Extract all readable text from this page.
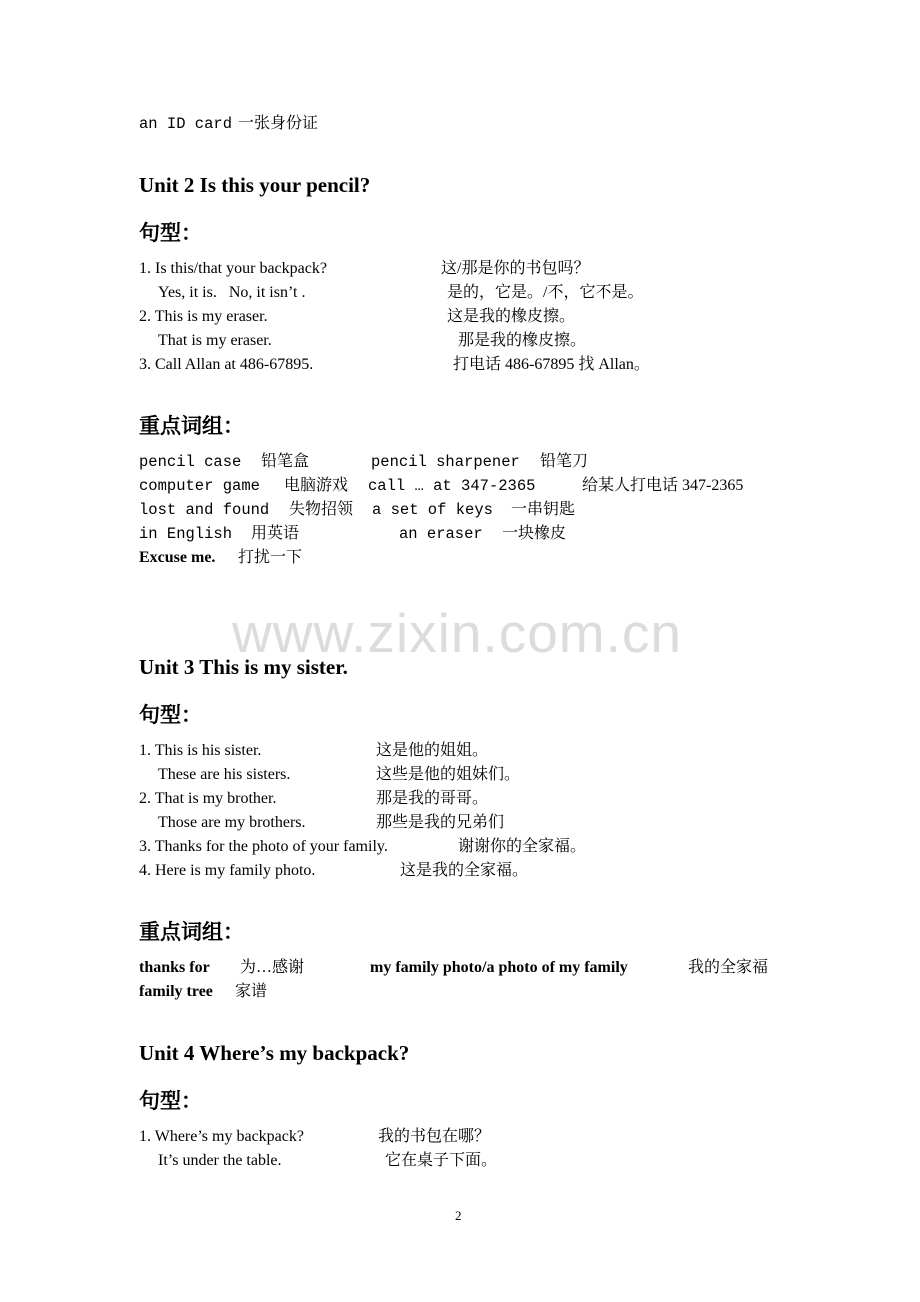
an ID card 一张身份证
Unit 2 Is this your pencil?
句型：
1. Is this/that your backpack?	这/那是你的书包吗？
Yes, it is.   No, it isn’t .	是的，它是。/不，它不是。
2. This is my eraser.	这是我的橡皮擦。
That is my eraser.	那是我的橡皮擦。
3. Call Allan at 486-67895.	打电话 486-67895 找 Allan。
重点词组：
pencil case 铅笔盒	pencil sharpener 铅笔刀
computer game 电脑游戏 call … at 347-2365	给某人打电话 347-2365
lost and found 失物招领 a set of keys 一串钥匙
in English 用英语	an eraser 一块橡皮
Excuse me. 打扰一下
www.zixin.com.cn
Unit 3 This is my sister.
句型：
1. This is his sister.	这是他的姐姐。
These are his sisters.	这些是他的姐妹们。
2. That is my brother.	那是我的哥哥。
Those are my brothers.	那些是我的兄弟们
3. Thanks for the photo of your family.	谢谢你的全家福。
4. Here is my family photo.	这是我的全家福。
重点词组：
thanks for 为…感谢	my family photo/a photo of my family	我的全家福
family tree 家谱
Unit 4 Where’s my backpack?
句型：
1. Where’s my backpack?	我的书包在哪？
It’s under the table.	它在桌子下面。
2
